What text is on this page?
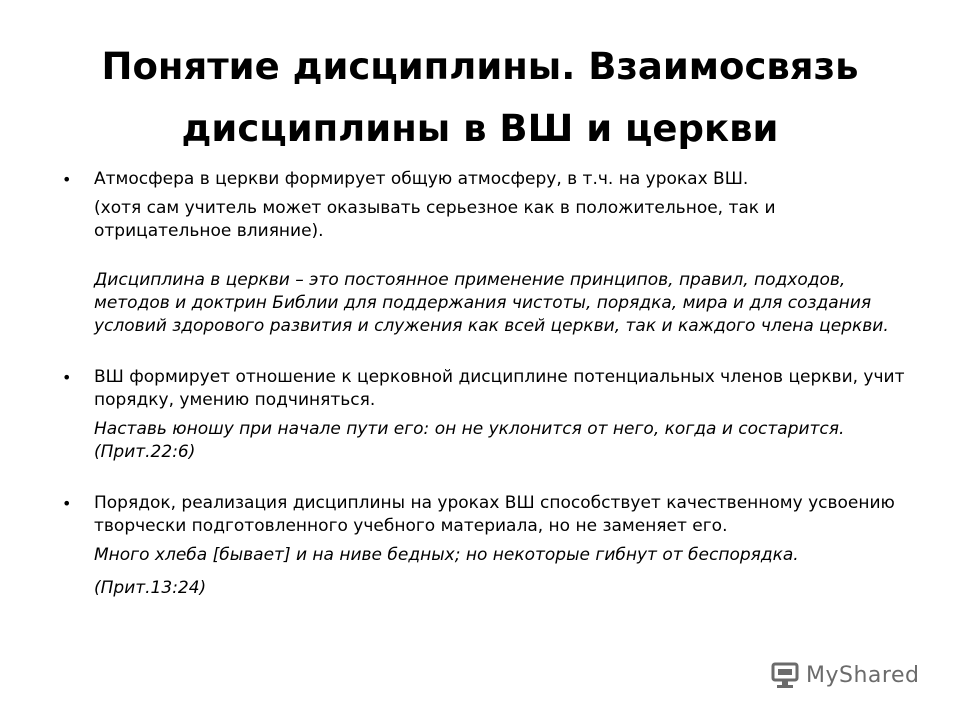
Понятие дисциплины. Взаимосвязь
дисциплины в ВШ и церкви
•	Атмосфера в церкви формирует общую атмосферу, в т.ч. на уроках ВШ.
(хотя сам учитель может оказывать серьезное как в положительное, так и отрицательное влияние).
Дисциплина в церкви – это постоянное применение принципов, правил, подходов, методов и доктрин Библии для поддержания чистоты, порядка, мира и для создания условий здорового развития и служения как всей церкви, так и каждого члена церкви.
•	ВШ формирует отношение к церковной дисциплине потенциальных членов церкви, учит порядку, умению подчиняться.
Наставь юношу при начале пути его: он не уклонится от него, когда и состарится. (Прит.22:6)
•	Порядок, реализация дисциплины на уроках ВШ способствует качественному усвоению творчески подготовленного учебного материала, но не заменяет его.
Много хлеба [бывает] и на ниве бедных; но некоторые гибнут от беспорядка.
(Прит.13:24)
MyShared
